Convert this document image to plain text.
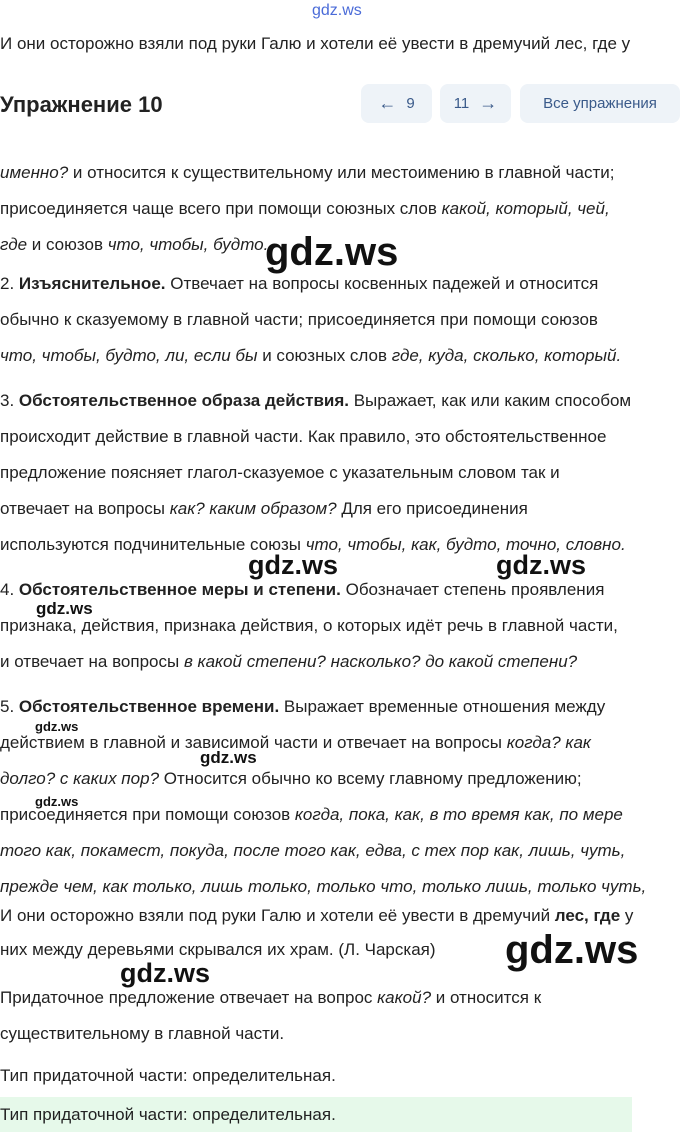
gdz.ws
И они осторожно взяли под руки Галю и хотели её увести в дремучий лес, где у
именно? и относится к существительному или местоимению в главной части;
присоединяется чаще всего при помощи союзных слов какой, который, чей,
где и союзов что, чтобы, будто.
2. Изъяснительное. Отвечает на вопросы косвенных падежей и относится
обычно к сказуемому в главной части; присоединяется при помощи союзов
что, чтобы, будто, ли, если бы и союзных слов где, куда, сколько, который.
3. Обстоятельственное образа действия. Выражает, как или каким способом
происходит действие в главной части. Как правило, это обстоятельственное
предложение поясняет глагол-сказуемое с указательным словом так и
отвечает на вопросы как? каким образом? Для его присоединения
используются подчинительные союзы что, чтобы, как, будто, точно, словно.
4. Обстоятельственное меры и степени. Обозначает степень проявления
признака, действия, признака действия, о которых идёт речь в главной части,
и отвечает на вопросы в какой степени? насколько? до какой степени?
5. Обстоятельственное времени. Выражает временные отношения между
действием в главной и зависимой части и отвечает на вопросы когда? как
долго? с каких пор? Относится обычно ко всему главному предложению;
присоединяется при помощи союзов когда, пока, как, в то время как, по мере
того как, покамест, покуда, после того как, едва, с тех пор как, лишь, чуть,
прежде чем, как только, лишь только, только что, только лишь, только чуть,
И они осторожно взяли под руки Галю и хотели её увести в дремучий лес, где у
них между деревьями скрывался их храм. (Л. Чарская)
Придаточное предложение отвечает на вопрос какой? и относится к
существительному в главной части.
Тип придаточной части: определительная.
Тип придаточной части: определительная.
Упражнение 10	← 9	11 →	Все упражнения
gdz.ws
gdz.ws	gdz.ws
gdz.ws
gdz.ws
gdz.ws
gdz.ws
gdz.ws
gdz.ws
